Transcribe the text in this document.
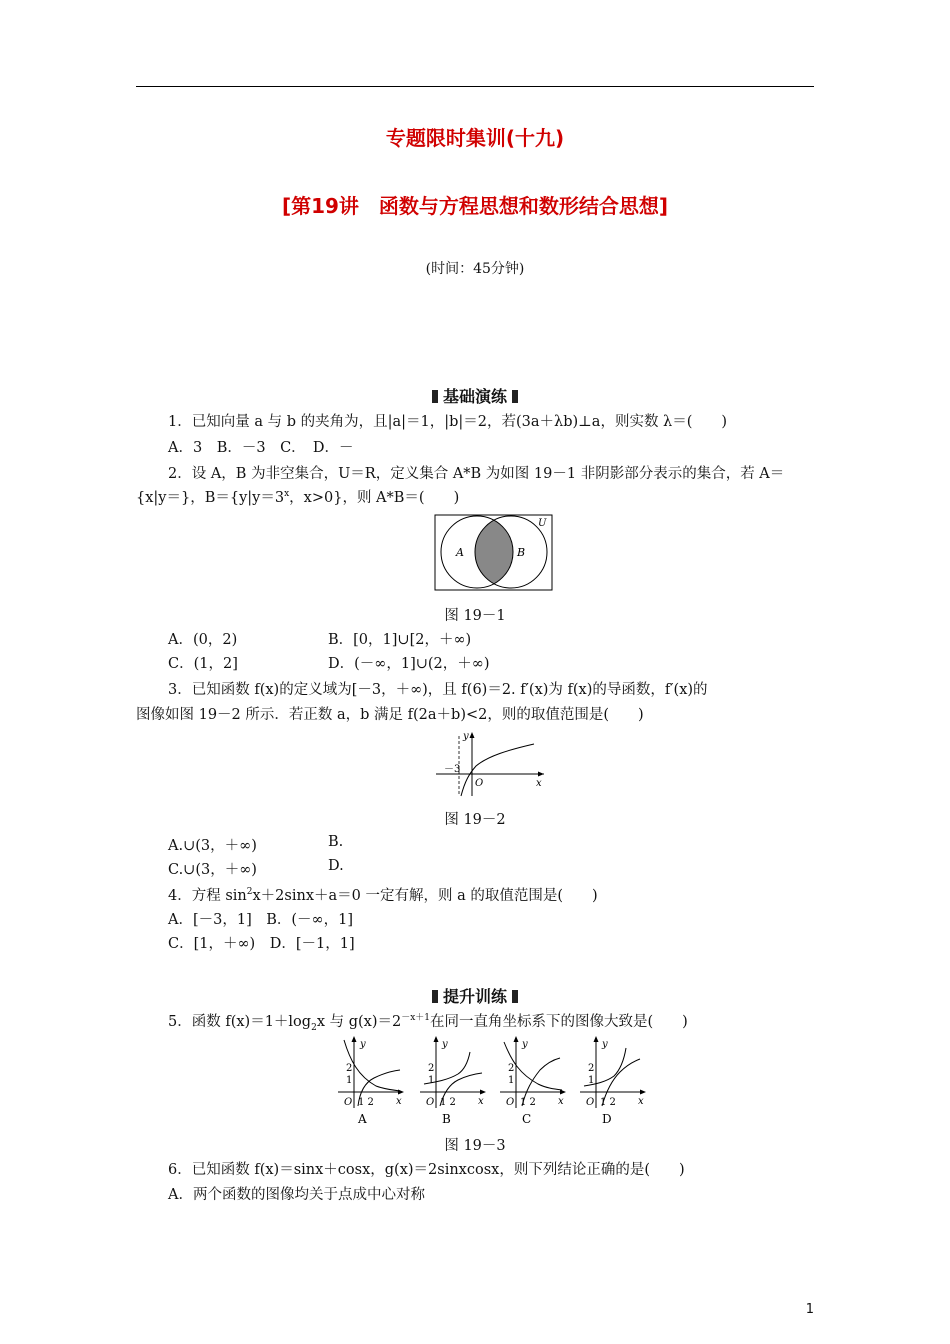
专题限时集训(十九)
[第19讲　函数与方程思想和数形结合思想]
(时间：45分钟)
基础演练
1．已知向量 a 与 b 的夹角为，且|a|＝1，|b|＝2，若(3a＋λb)⊥a，则实数 λ＝(　　)
A．3　B．－3　C．　D．－
2．设 A，B 为非空集合，U＝R，定义集合 A*B 为如图 19－1 非阴影部分表示的集合，若 A＝
{x|y＝}，$B=\{y|y=3^x$，x>0}，则 A*B＝(　　)
A	B
U
图 19－1
A．(0，2)	B．[0，1]∪[2，＋∞)
C．(1，2]	D．(－∞，1]∪(2，＋∞)
3．已知函数 f(x)的定义域为[－3，＋∞)，且 f(6)＝2. f′(x)为 f(x)的导函数，f′(x)的
图像如图 19－2 所示．若正数 a，b 满足 f(2a＋b)<2，则的取值范围是(　　)
y
x
O
－3
图 19－2
A.∪(3，＋∞)	B.
C.∪(3，＋∞)	D.
4．方程 $\sin^2x+2\sin x+a=0$ 一定有解，则 a 的取值范围是(　　)
A．[－3，1]　B．(－∞，1]
C．[1，＋∞)　D．[－1，1]
提升训练
5．函数 $f(x)=1+\log_2x$ 与 $g(x)=2^{-x+1}$在同一直角坐标系下的图像大致是(　　)
y
x
O
2
1
1 2
A
y
x
O
2
1
1 2
B
y
x
O
2
1
1 2
C
y
x
O
2
1
1 2
D
图 19－3
6．已知函数 f(x)＝sinx＋cosx，g(x)＝2sinxcosx，则下列结论正确的是(　　)
A．两个函数的图像均关于点成中心对称
1
